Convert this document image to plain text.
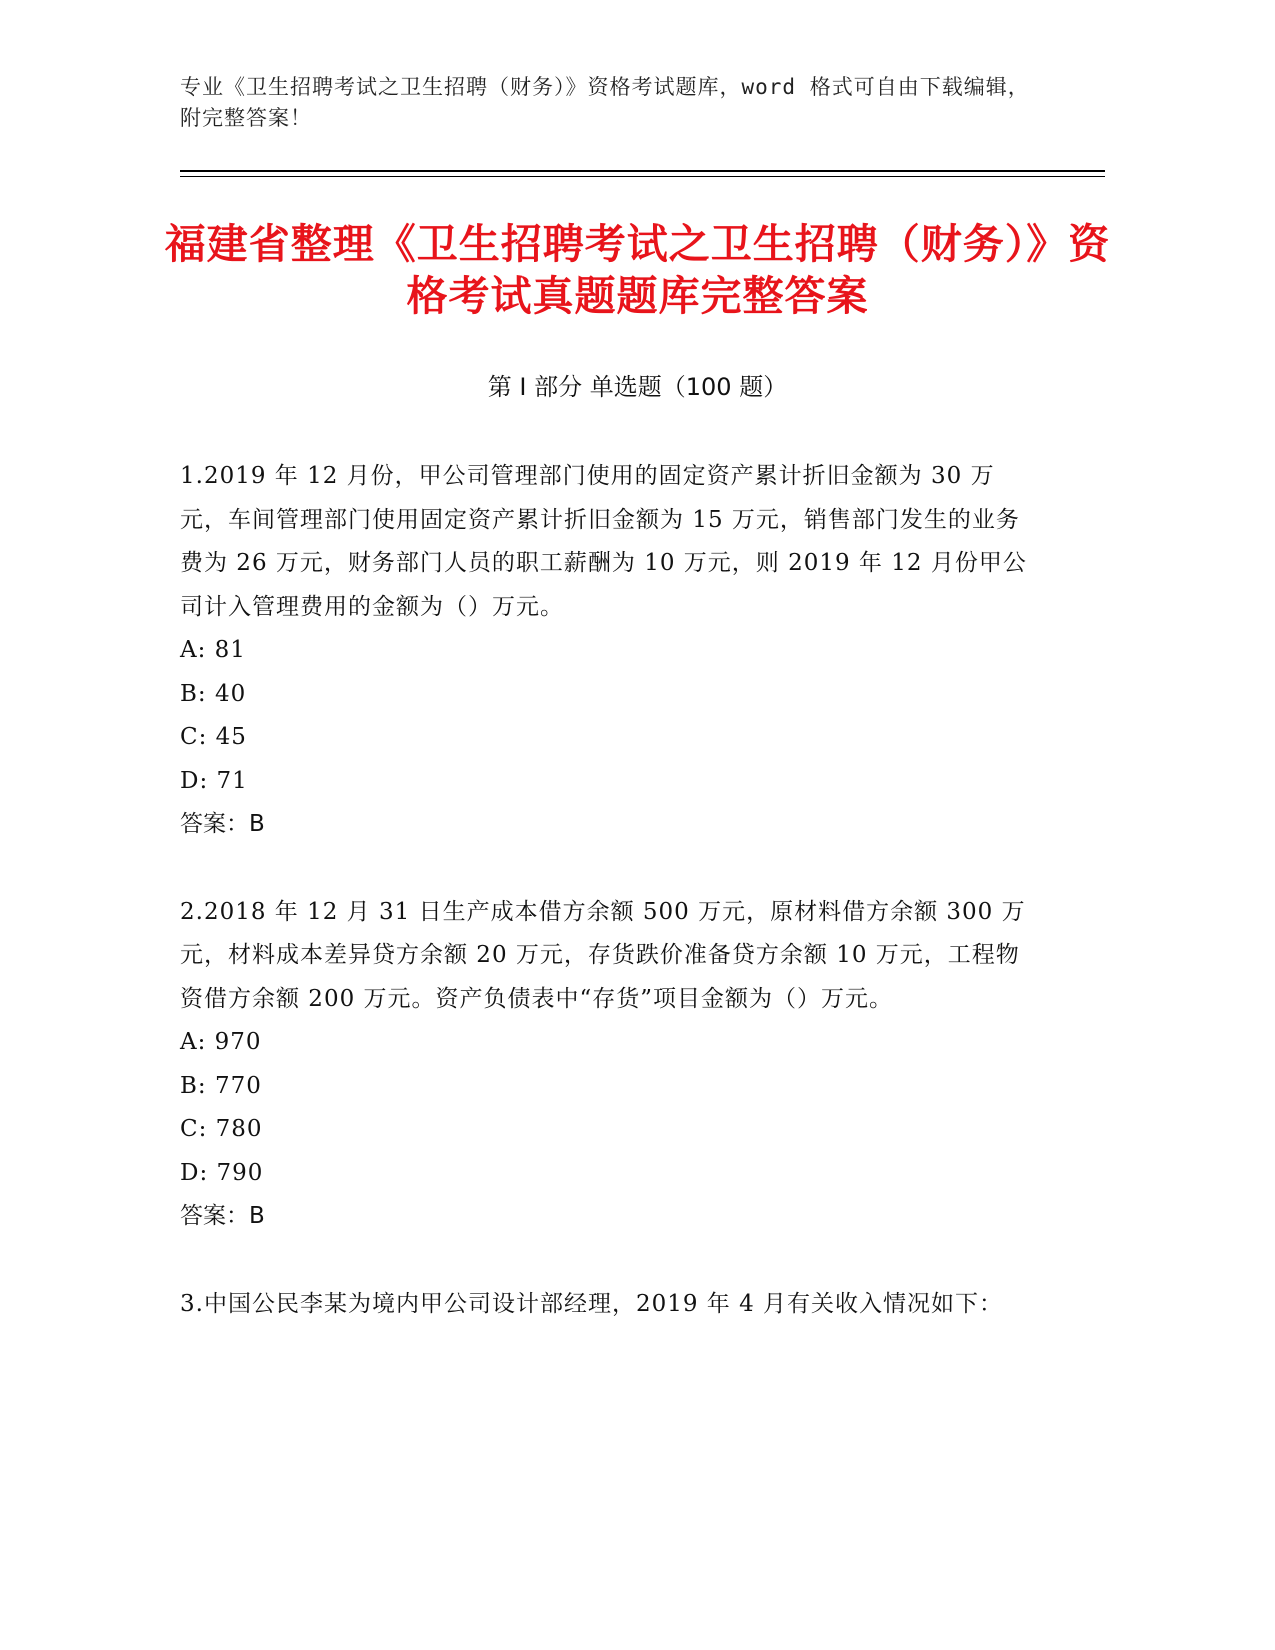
专业《卫生招聘考试之卫生招聘（财务）》资格考试题库，word 格式可自由下载编辑，附完整答案！
福建省整理《卫生招聘考试之卫生招聘（财务）》资格考试真题题库完整答案
第 I 部分 单选题（100 题）

1.2019 年 12 月份，甲公司管理部门使用的固定资产累计折旧金额为 30 万元，车间管理部门使用固定资产累计折旧金额为 15 万元，销售部门发生的业务费为 26 万元，财务部门人员的职工薪酬为 10 万元，则 2019 年 12 月份甲公司计入管理费用的金额为（）万元。

A: 81

B: 40

C: 45

D: 71

答案：B

2.2018 年 12 月 31 日生产成本借方余额 500 万元，原材料借方余额 300 万元，材料成本差异贷方余额 20 万元，存货跌价准备贷方余额 10 万元，工程物资借方余额 200 万元。资产负债表中“存货”项目金额为（）万元。

A: 970

B: 770

C: 780

D: 790

答案：B

3.中国公民李某为境内甲公司设计部经理，2019 年 4 月有关收入情况如下：
